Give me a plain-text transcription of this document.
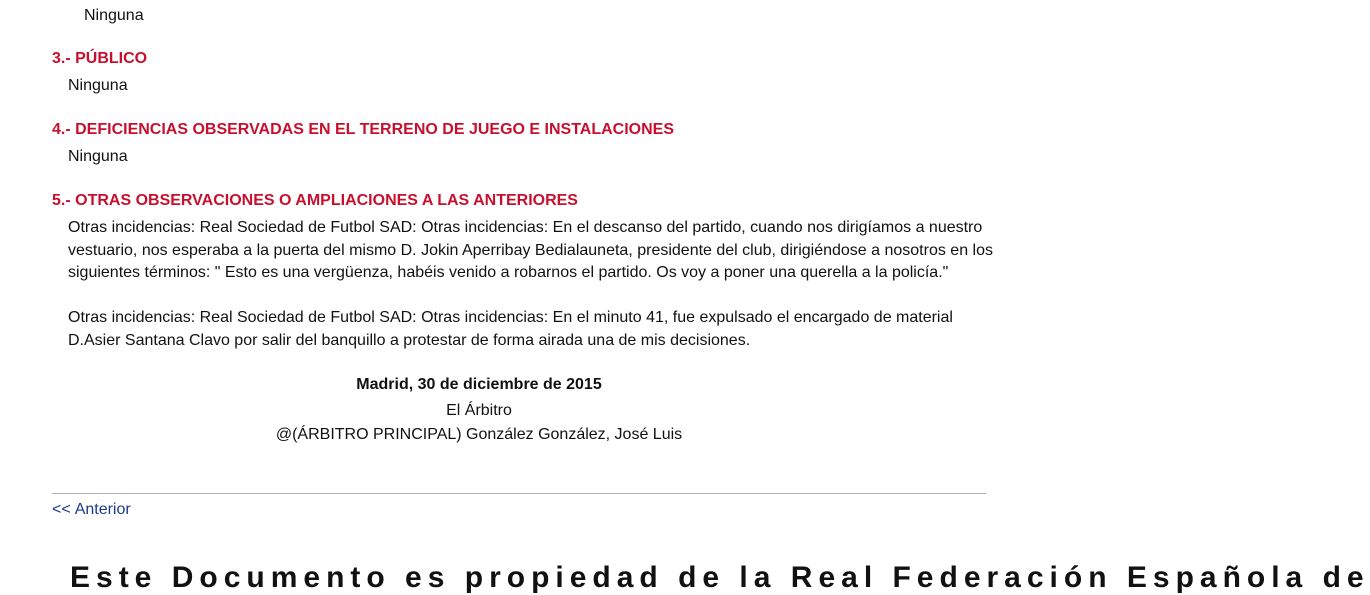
Ninguna
3.- PÚBLICO
Ninguna
4.- DEFICIENCIAS OBSERVADAS EN EL TERRENO DE JUEGO E INSTALACIONES
Ninguna
5.- OTRAS OBSERVACIONES O AMPLIACIONES A LAS ANTERIORES
Otras incidencias: Real Sociedad de Futbol SAD: Otras incidencias: En el descanso del partido, cuando nos dirigíamos a nuestro vestuario, nos esperaba a la puerta del mismo D. Jokin Aperribay Bedialauneta, presidente del club, dirigiéndose a nosotros en los siguientes términos: " Esto es una vergüenza, habéis venido a robarnos el partido. Os voy a poner una querella a la policía."
Otras incidencias: Real Sociedad de Futbol SAD: Otras incidencias: En el minuto 41, fue expulsado el encargado de material D.Asier Santana Clavo por salir del banquillo a protestar de forma airada una de mis decisiones.
Madrid, 30 de diciembre de 2015
El Árbitro
@(ÁRBITRO PRINCIPAL) González González, José Luis
<< Anterior
Este Documento es propiedad de la Real Federación Española de
